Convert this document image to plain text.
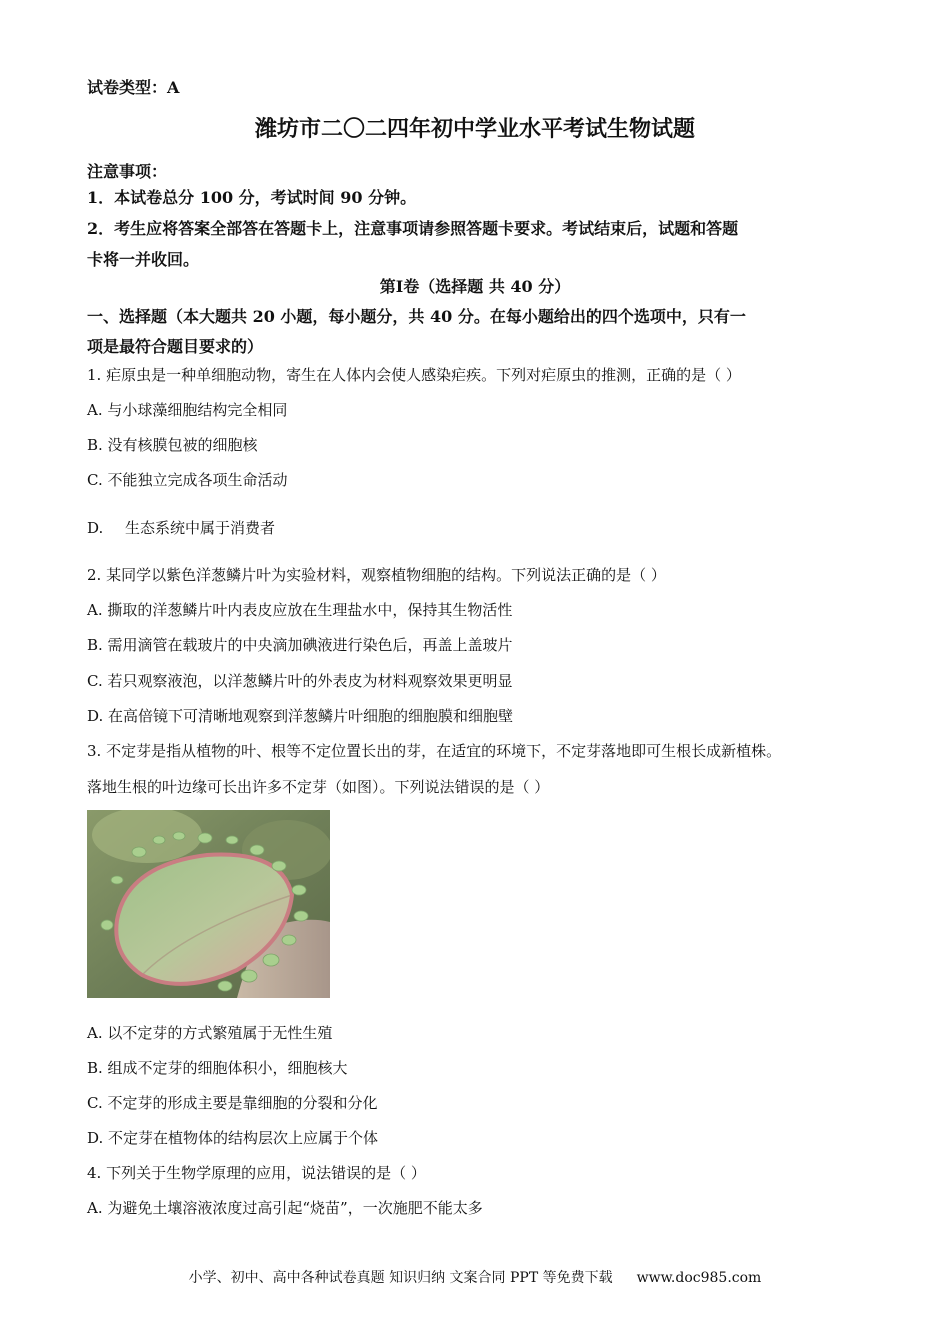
试卷类型：A
潍坊市二〇二四年初中学业水平考试生物试题
注意事项：
1．本试卷总分 100 分，考试时间 90 分钟。
2．考生应将答案全部答在答题卡上，注意事项请参照答题卡要求。考试结束后，试题和答题
卡将一并收回。
第Ⅰ卷（选择题 共 40 分）
一、选择题（本大题共 20 小题，每小题分，共 40 分。在每小题给出的四个选项中，只有一
项是最符合题目要求的）
1. 疟原虫是一种单细胞动物，寄生在人体内会使人感染疟疾。下列对疟原虫的推测，正确的是（ ）
A. 与小球藻细胞结构完全相同
B. 没有核膜包被的细胞核
C. 不能独立完成各项生命活动
D. 生态系统中属于消费者
2. 某同学以紫色洋葱鳞片叶为实验材料，观察植物细胞的结构。下列说法正确的是（ ）
A. 撕取的洋葱鳞片叶内表皮应放在生理盐水中，保持其生物活性
B. 需用滴管在载玻片的中央滴加碘液进行染色后，再盖上盖玻片
C. 若只观察液泡，以洋葱鳞片叶的外表皮为材料观察效果更明显
D. 在高倍镜下可清晰地观察到洋葱鳞片叶细胞的细胞膜和细胞壁
3. 不定芽是指从植物的叶、根等不定位置长出的芽，在适宜的环境下，不定芽落地即可生根长成新植株。
落地生根的叶边缘可长出许多不定芽（如图）。下列说法错误的是（ ）
A. 以不定芽的方式繁殖属于无性生殖
B. 组成不定芽的细胞体积小，细胞核大
C. 不定芽的形成主要是靠细胞的分裂和分化
D. 不定芽在植物体的结构层次上应属于个体
4. 下列关于生物学原理的应用，说法错误的是（ ）
A. 为避免土壤溶液浓度过高引起“烧苗”，一次施肥不能太多
小学、初中、高中各种试卷真题 知识归纳 文案合同 PPT 等免费下载 www.doc985.com
